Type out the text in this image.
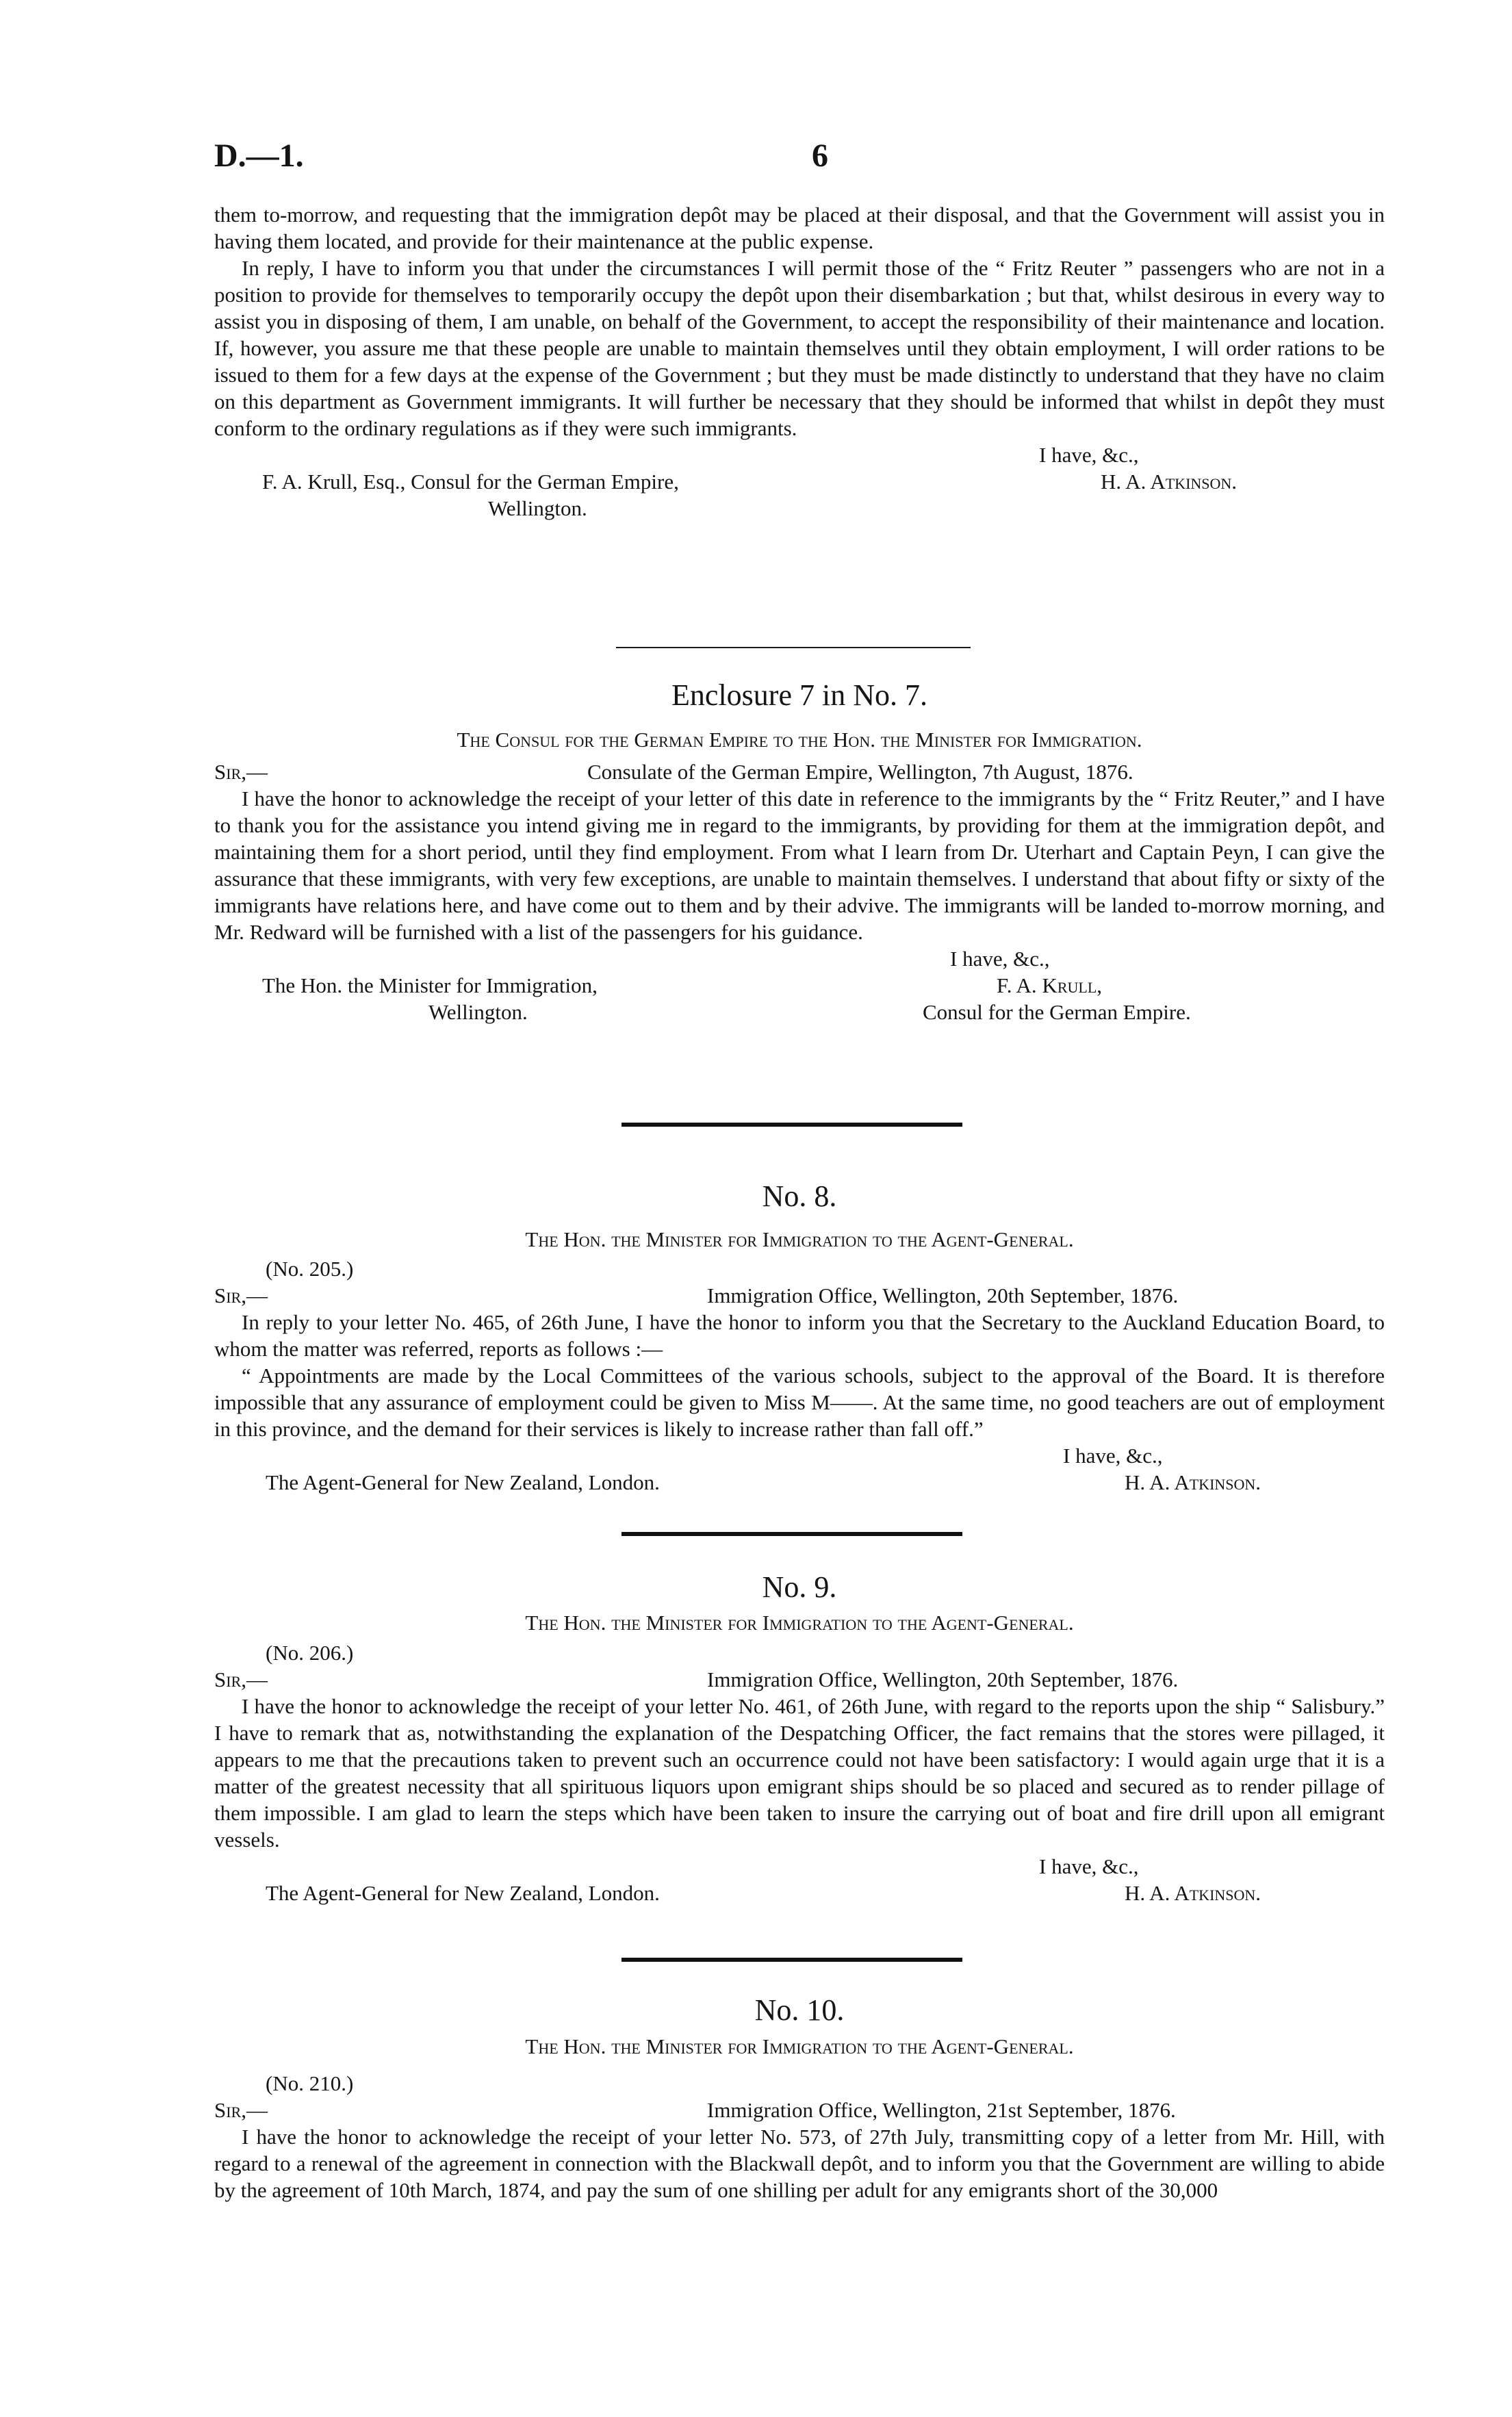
D.—1.	6

them to-morrow, and requesting that the immigration depôt may be placed at their disposal, and that the Government will assist you in having them located, and provide for their maintenance at the public expense.

In reply, I have to inform you that under the circumstances I will permit those of the “ Fritz Reuter ” passengers who are not in a position to provide for themselves to temporarily occupy the depôt upon their disembarkation ; but that, whilst desirous in every way to assist you in disposing of them, I am unable, on behalf of the Government, to accept the responsibility of their maintenance and location. If, however, you assure me that these people are unable to maintain themselves until they obtain employment, I will order rations to be issued to them for a few days at the expense of the Government ; but they must be made distinctly to understand that they have no claim on this department as Government immigrants. It will further be necessary that they should be informed that whilst in depôt they must conform to the ordinary regulations as if they were such immigrants.

I have, &c.,
F. A. Krull, Esq., Consul for the German Empire,	H. A. Atkinson.
Wellington.
Enclosure 7 in No. 7.
The Consul for the German Empire to the Hon. the Minister for Immigration.
Sir,—	Consulate of the German Empire, Wellington, 7th August, 1876.

I have the honor to acknowledge the receipt of your letter of this date in reference to the immigrants by the “ Fritz Reuter,” and I have to thank you for the assistance you intend giving me in regard to the immigrants, by providing for them at the immigration depôt, and maintaining them for a short period, until they find employment. From what I learn from Dr. Uterhart and Captain Peyn, I can give the assurance that these immigrants, with very few exceptions, are unable to maintain themselves. I understand that about fifty or sixty of the immigrants have relations here, and have come out to them and by their advive. The immigrants will be landed to-morrow morning, and Mr. Redward will be furnished with a list of the passengers for his guidance.

I have, &c.,
The Hon. the Minister for Immigration,	F. A. Krull,
Wellington.	Consul for the German Empire.
No. 8.
The Hon. the Minister for Immigration to the Agent-General.
(No. 205.)
Sir,—	Immigration Office, Wellington, 20th September, 1876.

In reply to your letter No. 465, of 26th June, I have the honor to inform you that the Secretary to the Auckland Education Board, to whom the matter was referred, reports as follows :—

“ Appointments are made by the Local Committees of the various schools, subject to the approval of the Board. It is therefore impossible that any assurance of employment could be given to Miss M——. At the same time, no good teachers are out of employment in this province, and the demand for their services is likely to increase rather than fall off.”

I have, &c.,
The Agent-General for New Zealand, London.	H. A. Atkinson.
No. 9.
The Hon. the Minister for Immigration to the Agent-General.
(No. 206.)
Sir,—	Immigration Office, Wellington, 20th September, 1876.

I have the honor to acknowledge the receipt of your letter No. 461, of 26th June, with regard to the reports upon the ship “ Salisbury.” I have to remark that as, notwithstanding the explanation of the Despatching Officer, the fact remains that the stores were pillaged, it appears to me that the precautions taken to prevent such an occurrence could not have been satisfactory: I would again urge that it is a matter of the greatest necessity that all spirituous liquors upon emigrant ships should be so placed and secured as to render pillage of them impossible. I am glad to learn the steps which have been taken to insure the carrying out of boat and fire drill upon all emigrant vessels.

I have, &c.,
The Agent-General for New Zealand, London.	H. A. Atkinson.
No. 10.
The Hon. the Minister for Immigration to the Agent-General.
(No. 210.)
Sir,—	Immigration Office, Wellington, 21st September, 1876.

I have the honor to acknowledge the receipt of your letter No. 573, of 27th July, transmitting copy of a letter from Mr. Hill, with regard to a renewal of the agreement in connection with the Blackwall depôt, and to inform you that the Government are willing to abide by the agreement of 10th March, 1874, and pay the sum of one shilling per adult for any emigrants short of the 30,000
